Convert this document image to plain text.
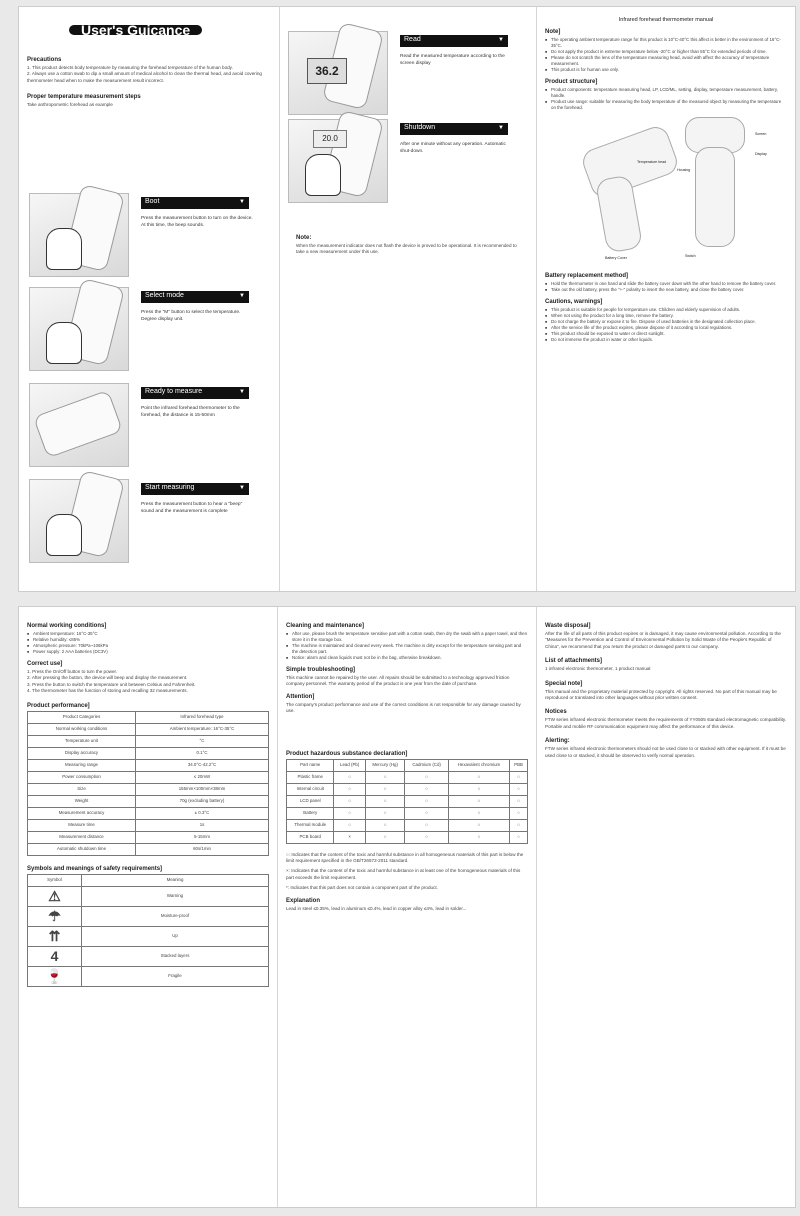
User's Guicance
Precautions
1. This product detects body temperature by measuring the forehead temperature of the human body.
2. Always use a cotton swab to dip a small amount of medical alcohol to clean the thermal head, and avoid covering thermometer head when to make the measurement result incorrect.
Proper temperature measurement steps
Take anthropometric forehead as example
Boot	▼
Press the measurement button to turn on the device. At this time, the beep sounds.
Select mode	▼
Press the "M" button to select the temperature. Degree display unit.
Ready to measure	▼
Point the infrared forehead thermometer to the forehead, the distance is 15-50mm
Start measuring	▼
Press the measurement button to hear a "beep" sound and the measurement is complete
36.2
Read	▼
Read the measured temperature according to the screen display
20.0
Shutdown	▼
After one minute without any operation. Automatic shut-down.
Note:
When the measurement indicator does not flash the device is proved to be operational. It is recommended to take a new measurement under this use.
Infrared forehead thermometer manual
Note]
■ The operating ambient temperature range for this product is 10°C-40°C this affect is better in the environment of 16°C-35°C.
■ Do not apply the product in extreme temperature below -20°C or higher than 55°C for extended periods of time.
■ Please do not scratch the lens of the temperature measuring head, avoid with affect the accuracy of temperature measurement.
■ This product is for human use only.
Product structure]
■ Product components: temperature measuring head, LP, LCD/ML, setting, display, temperature measurement, battery, handle.
■ Product use range: suitable for measuring the body temperature of the measured object by measuring the temperature on the forehead.
Temperature head
Screen
Display
Housing
Battery Cover	Switch
Battery replacement method]
■ Hold the thermometer in one hand and slide the battery cover down with the other hand to remove the battery cover.
■ Take out the old battery, press the "+-" polarity to insert the new battery, and close the battery cover.
Cautions, warnings]
■ This product is suitable for people for temperature use. Children and elderly supervision of adults.
■ When not using the product for a long time, remove the battery.
■ Do not charge the battery or expose it to fire. Dispose of used batteries in the designated collection place.
■ After the service life of the product expires, please dispose of it according to local regulations.
■ This product should be exposed to water or direct sunlight.
■ Do not immerse the product in water or other liquids.
Normal working conditions]
■ Ambient temperature: 16°C-35°C
■ Relative humidity: ≤85%
■ Atmospheric pressure: 70kPa~106kPa
■ Power supply: 2 AAA batteries (DC3V)
Correct use]
1. Press the On/Off button to turn the power.
2. After pressing the button, the device will beep and display the measurement.
3. Press the button to switch the temperature unit between Celsius and Fahrenheit.
4. The thermometer has the function of storing and recalling 32 measurements.
Product performance]
Product Categories	Infrared forehead type
Normal working conditions	Ambient temperature: 16°C-35°C
Temperature unit	°C
Display accuracy	0.1°C
Measuring range	34.0°C-42.2°C
Power consumption	≤ 20mW
Size	155mm×100mm×38mm
Weight	70g (excluding battery)
Measurement accuracy	± 0.3°C
Measure time	1s
Measurement distance	5-15mm
Automatic shutdown time	60s/1min
Symbols and meanings of safety requirements]
Symbol	Meaning
⚠	Warning
☂	Moisture-proof
⇈	Up
4	Stacked layers
🍷	Fragile
Cleaning and maintenance]
■ After use, please brush the temperature sensitive part with a cotton swab, then dry the swab with a paper towel, and then store it in the storage box.
■ The machine is maintained and cleaned every week. The machine is dirty except for the temperature sensing part and the detection part.
■ Notice: alarm and clean liquids must not be in the bag, otherwise breakdown.
Simple troubleshooting]
This machine cannot be repaired by the user. All repairs should be submitted to a technology approved friction company personnel. The warranty period of the product is one year from the date of purchase.
Attention]
The company's product performance and use of the correct conditions is not responsible for any damage caused by use.
Product hazardous substance declaration]
Part name	Lead (Pb)	Mercury (Hg)	Cadmium (Cd)	Hexavalent chromium	PBB
Plastic frame	○	○	○	○	○
Internal circuit	○	○	○	○	○
LCD panel	○	○	○	○	○
Battery	○	○	○	○	○
Thermal module	○	○	○	○	○
PCB board	×	○	○	○	○
○: Indicates that the content of the toxic and harmful substance in all homogeneous materials of this part is below the limit requirement specified in the GB/T26572-2011 standard.
×: Indicates that the content of the toxic and harmful substance in at least one of the homogeneous materials of this part exceeds the limit requirement.
*: Indicates that this part does not contain a component part of the product.
Explanation
Lead in steel ≤0.35%, lead in aluminum ≤0.4%, lead in copper alloy ≤4%, lead in solder...
Waste disposal]
After the life of all parts of this product expires or is damaged, it may cause environmental pollution. According to the "Measures for the Prevention and Control of Environmental Pollution by Solid Waste of the People's Republic of China", we recommend that you return the product or damaged parts to our company.
List of attachments]
1 infrared electronic thermometer, 1 product manual
Special note]
This manual and the proprietary material protected by copyright. All rights reserved. No part of this manual may be reproduced or translated into other languages without prior written consent.
Notices
FTW series infrared electronic thermometer meets the requirements of YY0505 standard electromagnetic compatibility. Portable and mobile RF communication equipment may affect the performance of this device.
Alerting:
FTW series infrared electronic thermometers should not be used close to or stacked with other equipment. If it must be used close to or stacked, it should be observed to verify normal operation.
